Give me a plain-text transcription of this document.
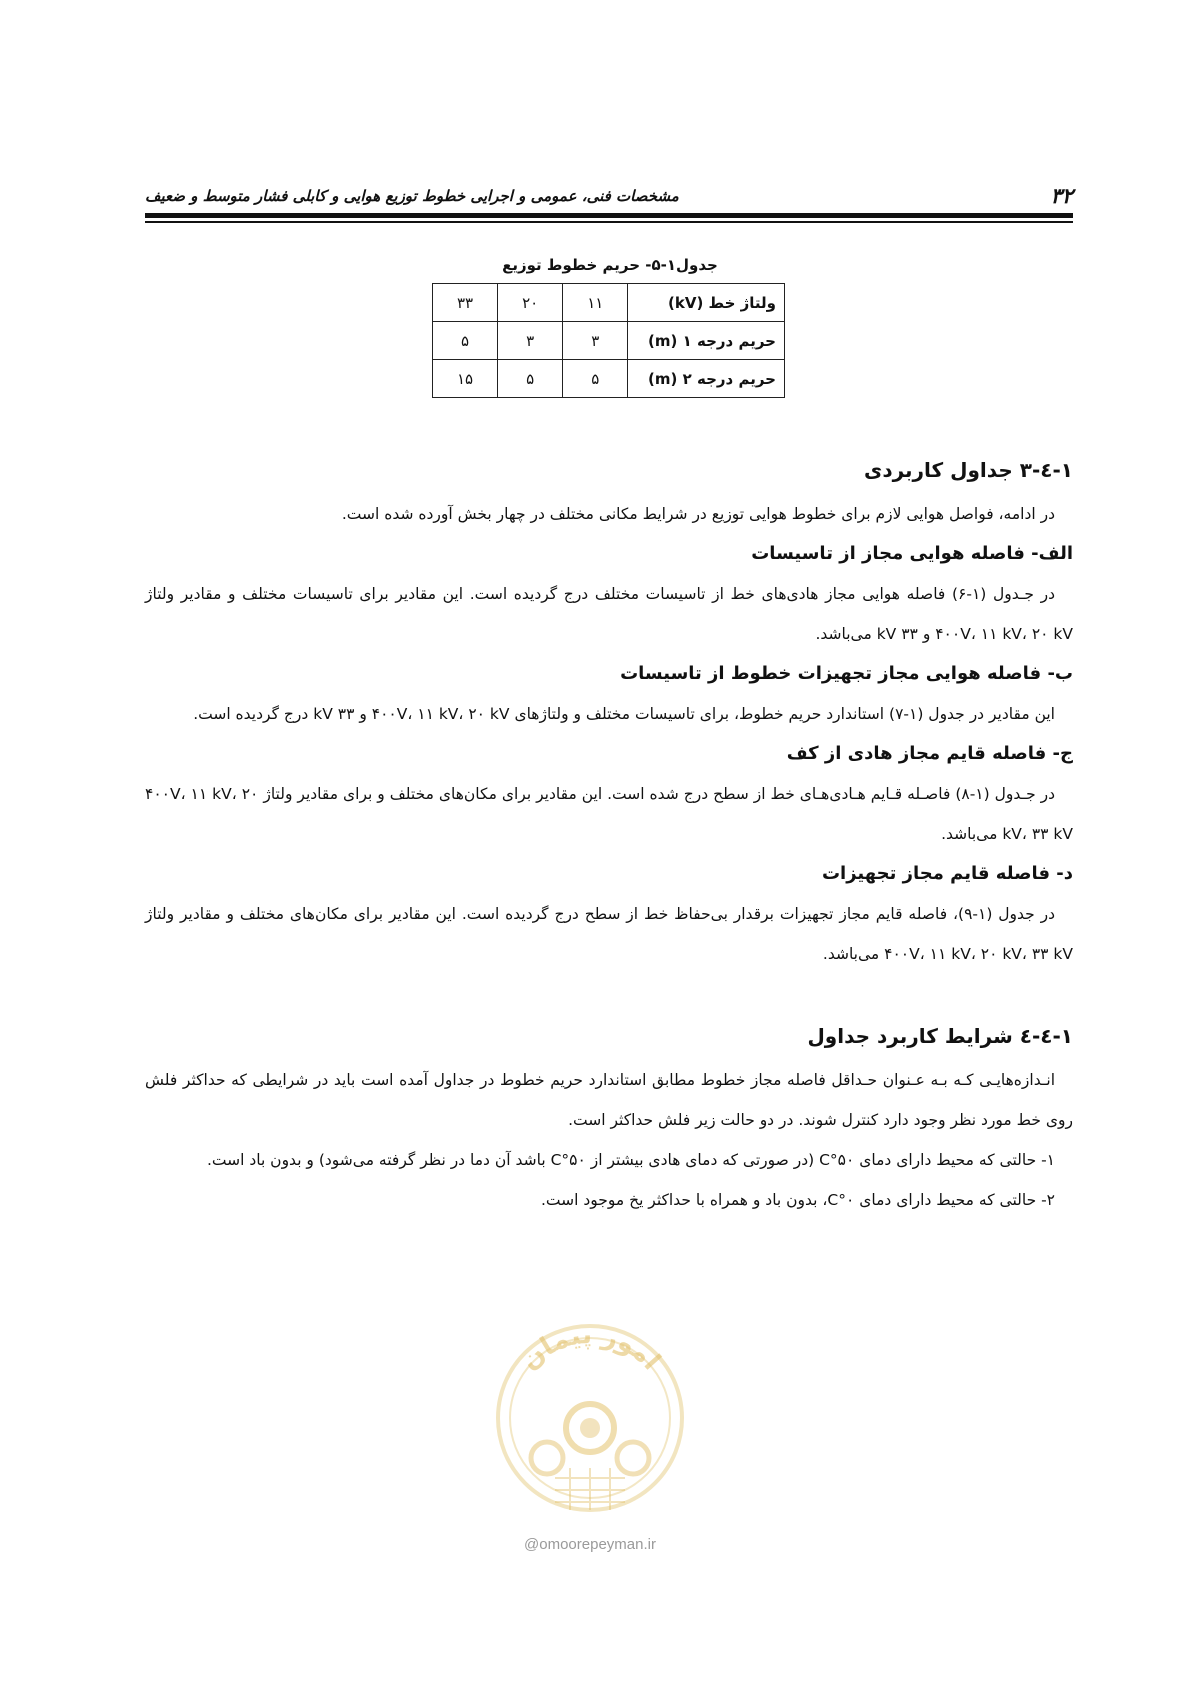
۳۲
مشخصات فنی، عمومی و اجرایی خطوط توزیع هوایی و کابلی فشار متوسط و ضعیف
جدول۱-۵- حریم خطوط توزیع
ولتاژ خط (kV)	۱۱	۲۰	۳۳
حریم درجه ۱ (m)	۳	۳	۵
حریم درجه ۲ (m)	۵	۵	۱۵
۱-٤-۳ جداول کاربردی

در ادامه، فواصل هوایی لازم برای خطوط هوایی توزیع در شرایط مکانی مختلف در چهار بخش آورده شده است.

الف- فاصله هوایی مجاز از تاسیسات

در جـدول (۱-۶) فاصله هوایی مجاز هادی‌های خط از تاسیسات مختلف درج گردیده است. این مقادیر برای تاسیسات مختلف و مقادیر ولتاژ ۴۰۰V، ۱۱ kV، ۲۰ kV و ۳۳ kV می‌باشد.

ب- فاصله هوایی مجاز تجهیزات خطوط از تاسیسات

این مقادیر در جدول (۱-۷) استاندارد حریم خطوط، برای تاسیسات مختلف و ولتاژهای ۴۰۰V، ۱۱ kV، ۲۰ kV و ۳۳ kV درج گردیده است.

ج- فاصله قایم مجاز هادی از کف

در جـدول (۱-۸) فاصـله قـایم هـادی‌هـای خط از سطح درج شده است. این مقادیر برای مکان‌های مختلف و برای مقادیر ولتاژ ۴۰۰V، ۱۱ kV، ۲۰ kV، ۳۳ kV می‌باشد.

د- فاصله قایم مجاز تجهیزات

در جدول (۱-۹)، فاصله قایم مجاز تجهیزات برقدار بی‌حفاظ خط از سطح درج گردیده است. این مقادیر برای مکان‌های مختلف و مقادیر ولتاژ ۴۰۰V، ۱۱ kV، ۲۰ kV، ۳۳ kV می‌باشد.

۱-٤-٤ شرایط کاربرد جداول

انـدازه‌هایـی کـه بـه عـنوان حـداقل فاصله مجاز خطوط مطابق استاندارد حریم خطوط در جداول آمده است باید در شرایطی که حداکثر فلش روی خط مورد نظر وجود دارد کنترل شوند. در دو حالت زیر فلش حداکثر است.

۱- حالتی که محیط دارای دمای ۵۰°C (در صورتی که دمای هادی بیشتر از ۵۰°C باشد آن دما در نظر گرفته می‌شود) و بدون باد است.

۲- حالتی که محیط دارای دمای ۰°C، بدون باد و همراه با حداکثر یخ موجود است.

امور پیمان
@omoorepeyman.ir
